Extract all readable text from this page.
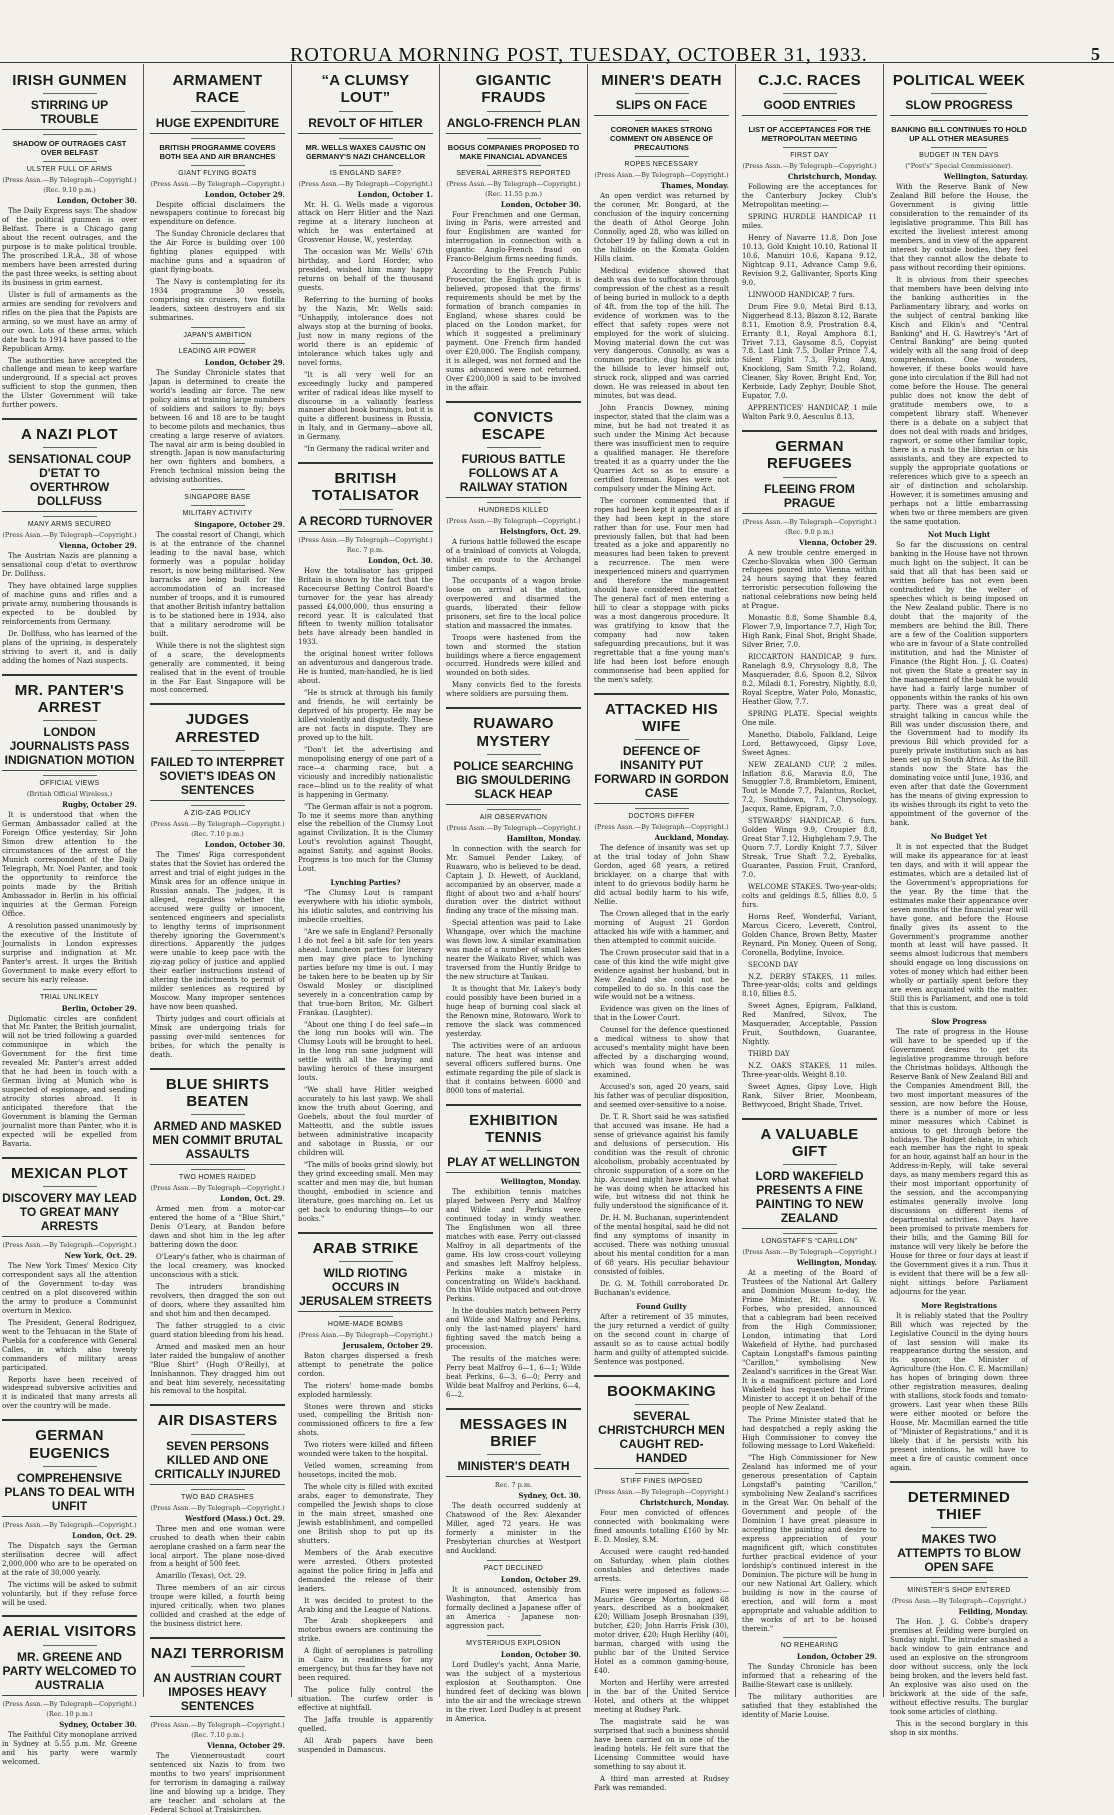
ROTORUA MORNING POST, TUESDAY, OCTOBER 31, 1933.	5
IRISH GUNMEN
STIRRING UP TROUBLE
SHADOW OF OUTRAGES CAST OVER BELFAST
ULSTER FULL OF ARMS
(Press Assn.—By Telegraph—Copyright.)
(Rec. 9.10 p.m.)
London, October 30.

The Daily Express says: The shadow of the political gunmen is over Belfast. There is a Chicago gang about the recent outrages, and the purpose is to make political trouble. The proscribed I.R.A., 38 of whose members have been arrested during the past three weeks, is setting about its business in grim earnest.

Ulster is full of armaments as the armies are sending for revolvers and rifles on the plea that the Papists are arming, so we must have an army of our own. Lots of these arms, which date back to 1914 have passed to the Republican Army.

The authorities have accepted the challenge and mean to keep warfare underground. If a special act proves sufficient to stop the gunmen, then the Ulster Government will take further powers.

A NAZI PLOT
SENSATIONAL COUP D'ETAT TO OVERTHROW DOLLFUSS
MANY ARMS SECURED
(Press Assn.—By Telegraph—Copyright.)
Vienna, October 29.

The Austrian Nazis are planning a sensational coup d'etat to overthrow Dr. Dollfuss.

They have obtained large supplies of machine guns and rifles and a private army, numbering thousands is expected to be doubled by reinforcements from Germany.

Dr. Dollfuss, who has learned of the plans of the uprising, is desperately striving to avert it, and is daily adding the homes of Nazi suspects.

MR. PANTER'S ARREST
LONDON JOURNALISTS PASS INDIGNATION MOTION
OFFICIAL VIEWS
(British Official Wireless.)
Rugby, October 29.

It is understood that when the German Ambassador called at the Foreign Office yesterday, Sir John Simon drew attention to the circumstances of the arrest of the Munich correspondent of the Daily Telegraph, Mr. Noel Panter, and took the opportunity to reinforce the points made by the British Ambassador in Berlin in his official inquiries at the German Foreign Office.

A resolution passed unanimously by the executive of the Institute of Journalists in London expresses surprise and indignation at Mr. Panter's arrest. It urges the British Government to make every effort to secure his early release.

TRIAL UNLIKELY
Berlin, October 29.

Diplomatic circles are confident that Mr. Panter, the British journalist, will not be tried following a guarded communique in which the Government for the first time revealed Mr. Panter's arrest added that he had been in touch with a German living at Munich who is suspected of espionage, and sending atrocity stories abroad. It is anticipated therefore that the Government is blaming the German journalist more than Panter, who it is expected will be expelled from Bavaria.

MEXICAN PLOT
DISCOVERY MAY LEAD TO GREAT MANY ARRESTS
(Press Assn.—By Telegraph—Copyright.)
New York, Oct. 29.

The New York Times' Mexico City correspondent says all the attention of the Government to-day was centred on a plot discovered within the army to produce a Communist overturn in Mexico.

The President, General Rodriguez, went to the Tehuacan in the State of Puebla for a conference with General Calles, in which also twenty commanders of military areas participated.

Reports have been received of widespread subversive activities and it is indicated that many arrests all over the country will be made.

GERMAN EUGENICS
COMPREHENSIVE PLANS TO DEAL WITH UNFIT
(Press Assn.—By Telegraph—Copyright.)
London, Oct. 29.

The Dispatch says the German sterilisation decree will affect 2,000,000 who are to be operated on at the rate of 30,000 yearly.

The victims will be asked to submit voluntarily, but if they refuse force will be used.

AERIAL VISITORS
MR. GREENE AND PARTY WELCOMED TO AUSTRALIA
(Press Assn.—By Telegraph—Copyright.)
(Rec. 10 p.m.)
Sydney, October 30.

The Faithful City monoplane arrived in Sydney at 5.55 p.m. Mr. Greene and his party were warmly welcomed.

ARMAMENT RACE
HUGE EXPENDITURE
BRITISH PROGRAMME COVERS BOTH SEA AND AIR BRANCHES
GIANT FLYING BOATS
(Press Assn.—By Telegraph—Copyright.)
London, October 29.

Despite official disclaimers the newspapers continue to forecast big expenditure on defence.

The Sunday Chronicle declares that the Air Force is building over 100 fighting planes equipped with machine guns and a squadron of giant flying-boats.

The Navy is contemplating for its 1934 programme 30 vessels, comprising six cruisers, two flotilla leaders, sixteen destroyers and six submarines.

JAPAN'S AMBITION
LEADING AIR POWER
London, October 29.

The Sunday Chronicle states that Japan is determined to create the world's leading air force. The new policy aims at training large numbers of soldiers and sailors to fly; boys between 16 and 18 are to be taught to become pilots and mechanics, thus creating a large reserve of aviators. The naval air arm is being doubled in strength. Japan is now manufacturing her own fighters and bombers, a French technical mission being the advising authorities.

SINGAPORE BASE
MILITARY ACTIVITY
Singapore, October 29.

The coastal resort of Changi, which is at the entrance of the channel leading to the naval base, which formerly was a popular holiday resort, is now being militarised. New barracks are being built for the accommodation of an increased number of troops, and it is rumoured that another British infantry battalion is to be stationed here in 1934, also that a military aerodrome will be built.

While there is not the slightest sign of a scare, the developments generally are commented, it being realised that in the event of trouble in the Far East Singapore will be most concerned.

JUDGES ARRESTED
FAILED TO INTERPRET SOVIET'S IDEAS ON SENTENCES
A ZIG-ZAG POLICY
(Press Assn.—By Telegraph—Copyright.)
(Rec. 7.10 p.m.)
London, October 30.

The Times' Riga correspondent states that the Soviet has ordered the arrest and trial of eight judges in the Minsk area for an offence unique in Russian annals. The judges, it is alleged, regardless whether the accused were guilty or innocent, sentenced engineers and specialists to lengthy terms of imprisonment thereby ignoring the Government's directions. Apparently the judges were unable to keep pace with the zig-zag policy of justice and applied their earlier instructions instead of altering the indictments to permit of milder sentences as required by Moscow. Many improper sentences have now been quashed.

Thirty judges and court officials at Minsk are undergoing trials for passing over-mild sentences for bribes, for which the penalty is death.

BLUE SHIRTS BEATEN
ARMED AND MASKED MEN COMMIT BRUTAL ASSAULTS
TWO HOMES RAIDED
(Press Assn.—By Telegraph—Copyright.)
London, Oct. 29.

Armed men from a motor-car entered the home of a "Blue Shirt," Denis O'Leary, at Bandon before dawn and shot him in the leg after battering down the door.

O'Leary's father, who is chairman of the local creamery, was knocked unconscious with a stick.

The intruders brandishing revolvers, then dragged the son out of doors, where they assaulted him and shot him and then decamped.

The father struggled to a civic guard station bleeding from his head.

Armed and masked men an hour later raided the bungalow of another "Blue Shirt" (Hugh O'Reilly), at Innishannon. They dragged him out and beat him severely, necessitating his removal to the hospital.

AIR DISASTERS
SEVEN PERSONS KILLED AND ONE CRITICALLY INJURED
TWO BAD CRASHES
(Press Assn.—By Telegraph—Copyright.)
Westford (Mass.) Oct. 29.

Three men and one woman were crushed to death when their cabin aeroplane crashed on a farm near the local airport. The plane nose-dived from a height of 500 feet.

Amarillo (Texas), Oct. 29.

Three members of an air circus troupe were killed, a fourth being injured critically, when two planes collided and crashed at the edge of the business district here.

NAZI TERRORISM
AN AUSTRIAN COURT IMPOSES HEAVY SENTENCES
(Press Assn.—By Telegraph—Copyright.)
(Rec. 7.10 p.m.)
Vienna, October 29.

The Vienneroustadt court sentenced six Nazis to from two months to two years' imprisonment for terrorism in damaging a railway line and blowing up a bridge. They are teacher and scholars at the Federal School at Traiskirchen.

“A CLUMSY LOUT”
REVOLT OF HITLER
MR. WELLS WAXES CAUSTIC ON GERMANY'S NAZI CHANCELLOR
IS ENGLAND SAFE?
(Press Assn.—By Telegraph—Copyright.)
London, October 1.

Mr. H. G. Wells made a vigorous attack on Herr Hitler and the Nazi regime at a literary luncheon at which he was entertained at Grosvenor House, W., yesterday.

The occasion was Mr. Wells' 67th birthday, and Lord Horder, who presided, wished him many happy returns on behalf of the thousand guests.

Referring to the burning of books by the Nazis, Mr. Wells said: "Unhappily, intolerance does not always stop at the burning of books. Just now in many regions of the world there is an epidemic of intolerance which takes ugly and novel forms.

"It is all very well for an exceedingly lucky and pampered writer of radical ideas like myself to discourse in a valiantly fearless manner about book burnings, but it is quite a different business in Russia, in Italy, and in Germany—above all, in Germany.

"In Germany the radical writer and

BRITISH TOTALISATOR
A RECORD TURNOVER
(Press Assn.—By Telegraph—Copyright.)
Rec. 7 p.m.
London, Oct. 30.

How the totalisator has gripped Britain is shown by the fact that the Racecourse Betting Control Board's turnover for the year has already passed £4,000,000, thus ensuring a record year. It is calculated that fifteen to twenty million totalisator bets have already been handled in 1933.

the original honest writer follows an adventurous and dangerous trade. He is hunted, man-handled, he is lied about.

"He is struck at through his family and friends, he will certainly be deprived of his property. He may be killed violently and disgustedly. These are not facts in dispute. They are proved up to the hilt.

"Don't let the advertising and monopolising energy of one part of a race—a charming race, but a viciously and incredibly nationalistic race—blind us to the reality of what is happening in Germany.

"The German affair is not a pogrom. To me it seems more than anything else the rebellion of the Clumsy Lout against Civilization. It is the Clumsy Lout's revolution against Thought, against Sanity, and against Books. Progress is too much for the Clumsy Lout.

Lynching Parties?

"The Clumsy Lout is rampant everywhere with his idiotic symbols, his idiotic salutes, and contriving his imbecile cruelties.

"Are we safe in England? Personally I do not feel a bit safe for ten years ahead. Luncheon parties for literary men may give place to lynching parties before my time is out. I may be taken here to be beaten up by Sir Oswald Mosley or disciplined severely in a concentration camp by that true-born Briton, Mr. Gilbert Frankau. (Laughter).

"About one thing I do feel safe—in the long run books will win. The Clumsy Louts will be brought to heel. In the long run sane judgment will settle with all the braying and bawling heroics of these insurgent louts.

"We shall have Hitler weighed accurately to his last yawp. We shall know the truth about Goering, and Goebels, about the foul murder of Matteotti, and the subtle issues between administrative incapacity and sabotage in Russia, or our children will.

"The mills of books grind slowly, but they grind exceeding small. Men may scatter and men may die, but human thought, embodied in science and literature, goes marching on. Let us get back to enduring things—to our books."

ARAB STRIKE
WILD RIOTING OCCURS IN JERUSALEM STREETS
HOME-MADE BOMBS
(Press Assn.—By Telegraph—Copyright.)
Jerusalem, October 29.

Baton charges dispersed a fresh attempt to penetrate the police cordon.

The rioters' home-made bombs exploded harmlessly.

Stones were thrown and sticks used, compelling the British non-commissioned officers to fire a few shots.

Two rioters were killed and fifteen wounded were taken to the hospital.

Veiled women, screaming from housetops, incited the mob.

The whole city is filled with excited arabs, eager to demonstrate. They compelled the Jewish shops to close in the main street, smashed one Jewish establishment, and compelled one British shop to put up its shutters.

Members of the Arab executive were arrested. Others protested against the police firing in Jaffa and demanded the release of their leaders.

It was decided to protest to the Arab king and the League of Nations.

The Arab shopkeepers and motorbus owners are continuing the strike.

A flight of aeroplanes is patrolling in Cairo in readiness for any emergency, but thus far they have not been required.

The police fully control the situation. The curfew order is effective at nightfall.

The Jaffa trouble is apparently quelled.

All Arab papers have been suspended in Damascus.

GIGANTIC FRAUDS
ANGLO-FRENCH PLAN
BOGUS COMPANIES PROPOSED TO MAKE FINANCIAL ADVANCES
SEVERAL ARRESTS REPORTED
(Press Assn.—By Telegraph—Copyright.)
(Rec. 11.55 p.m.)
London, October 30.

Four Frenchmen and one German, living in Paris, were arrested and four Englishmen are wanted for interrogation in connection with a gigantic Anglo-French fraud on Franco-Belgium firms needing funds.

According to the French Public Prosecutor, the English group, it is believed, proposed that the firms' requirements should be met by the formation of branch companies in England, whose shares could be placed on the London market, for which it suggested a preliminary payment. One French firm handed over £20,000. The English company, it is alleged, was not formed and the sums advanced were not returned. Over £200,000 is said to be involved in the affair.

CONVICTS ESCAPE
FURIOUS BATTLE FOLLOWS AT A RAILWAY STATION
HUNDREDS KILLED
(Press Assn.—By Telegraph—Copyright.)
Helsingfors, Oct. 29.

A furious battle followed the escape of a trainload of convicts at Vologda, whilst en route to the Archangel timber camps.

The occupants of a wagon broke loose on arrival at the station, overpowered and disarmed the guards, liberated their fellow prisoners, set fire to the local police station and massacred the inmates.

Troops were hastened from the town and stormed the station buildings where a fierce engagement occurred. Hundreds were killed and wounded on both sides.

Many convicts fled to the forests where soldiers are pursuing them.

RUAWARO MYSTERY
POLICE SEARCHING BIG SMOULDERING SLACK HEAP
AIR OBSERVATION
(Press Assn.—By Telegraph—Copyright.)
Hamilton, Monday.

In connection with the search for Mr. Samuel Pender Lakey, of Ruawaro, who is believed to be dead, Captain J. D. Hewett, of Auckland, accompanied by an observer, made a flight of about two and a-half hours' duration over the district without finding any trace of the missing man.

Special attention was paid to Lake Whangape, over which the machine was flown low. A similar examination was made of a number of small lakes nearer the Waikato River, which was traversed from the Huntly Bridge to the new structure at Taukau.

It is thought that Mr. Lakey's body could possibly have been buried in a huge heap of burning coal slack at the Renown mine, Rotowaro. Work to remove the slack was commenced yesterday.

The activities were of an arduous nature. The heat was intense and several officers suffered burns. One estimate regarding the pile of slack is that it contains between 6000 and 8000 tons of material.

EXHIBITION TENNIS
PLAY AT WELLINGTON
Wellington, Monday.

The exhibition tennis matches played between Perry and Malfroy and Wilde and Perkins were continued today in windy weather. The Englishmen won all three matches with ease. Perry out-classed Malfroy in all departments of the game. His low cross-court volleying and smashes left Malfroy helpless. Perkins make a mistake in concentrating on Wilde's backhand. On this Wilde outpaced and out-drove Perkins.

In the doubles match between Perry and Wilde and Malfroy and Perkins, only the last-named players' hard fighting saved the match being a procession.

The results of the matches were: Perry beat Malfroy 6—1, 6—1; Wilde beat Perkins, 6—3, 6—0; Perry and Wilde beat Malfroy and Perkins, 6—4, 6—2.

MESSAGES IN BRIEF
MINISTER'S DEATH
Rec. 7 p.m.
Sydney, Oct. 30.

The death occurred suddenly at Chatswood of the Rev. Alexander Miller, aged 72 years. He was formerly a minister in the Presbyterian churches at Westport and Auckland.

PACT DECLINED
London, October 29.

It is announced, ostensibly from Washington, that America has formally declined a Japanese offer of an America - Japanese non-aggression pact.

MYSTERIOUS EXPLOSION
London, October 30.

Lord Dudley's yacht, Anna Marie, was the subject of a mysterious explosion at Southampton. One hundred feet of decking was blown into the air and the wreckage strewn in the river. Lord Dudley is at present in America.

MINER'S DEATH
SLIPS ON FACE
CORONER MAKES STRONG COMMENT ON ABSENCE OF PRECAUTIONS
ROPES NECESSARY
(Press Assn.—By Telegraph—Copyright.)
Thames, Monday.

An open verdict was returned by the coroner, Mr. Bongard, at the conclusion of the inquiry concerning the death of Athol George John Connolly, aged 28, who was killed on October 19 by falling down a cut in the hillside on the Komata Golden Hills claim.

Medical evidence showed that death was due to suffocation through compression of the chest as a result of being buried in mullock to a depth of 4ft. from the top of the hill. The evidence of workmen was to the effect that safety ropes were not employed for the work of sluicing. Moving material down the cut was very dangerous. Connolly, as was a common practice, dug his pick into the hillside to lever himself out, struck rock, slipped and was carried down. He was released in about ten minutes, but was dead.

John Francis Downey, mining inspector, stated that the claim was a mine, but he had not treated it as such under the Mining Act because there was insufficient men to require a qualified manager. He therefore treated it as a quarry under the the Quarries Act so as to ensure a certified foreman. Ropes were not compulsory under the Mining Act.

The coroner commented that if ropes had been kept it appeared as if they had been kept in the store rather than for use. Four men had previously fallen, but that had been treated as a joke and apparently no measures had been taken to prevent a recurrence. The men were inexperienced miners and quarrymen and therefore the management should have considered the matter. The general fact of men entering a hill to clear a stoppage with picks was a most dangerous procedure. It was gratifying to know that the company had now taken safeguarding precautions, but it was regrettable that a fine young man's life had been lost before enough commonsense had been applied for the men's safety.

ATTACKED HIS WIFE
DEFENCE OF INSANITY PUT FORWARD IN GORDON CASE
DOCTORS DIFFER
(Press Assn.—By Telegraph—Copyright.)
Auckland, Monday.

The defence of insanity was set up at the trial today of John Shaw Gordon, aged 68 years, a retired bricklayer, on a charge that with intent to do grievous bodily harm he did actual bodily harm to his wife, Nellie.

The Crown alleged that in the early morning of August 21 Gordon attacked his wife with a hammer, and then attempted to commit suicide.

The Crown prosecutor said that in a case of this kind the wife might give evidence against her husband, but in New Zealand she could not be compelled to do so. In this case the wife would not be a witness.

Evidence was given on the lines of that in the Lower Court.

Counsel for the defence questioned a medical witness to show that accused's mentality might have been affected by a discharging wound, which was found when he was examined.

Accused's son, aged 20 years, said his father was of peculiar disposition, and seemed over-sensitive to a noise.

Dr. T. R. Short said he was satisfied that accused was insane. He had a sense of grievance against his family and delusions of persecution. His condition was the result of chronic alcoholism, probably accentuated by chronic suppuration of a sore on the hip. Accused might have known what he was doing when he attacked his wife, but witness did not think he fully understood the significance of it.

Dr. H. M. Buchanan, superintendent of the mental hospital, said he did not find any symptoms of insanity in accused. There was nothing unusual about his mental condition for a man of 68 years. His peculiar behaviour consisted of foibles.

Dr. G. M. Tothill corroborated Dr. Buchanan's evidence.

Found Guilty

After a retirement of 35 minutes, the jury returned a verdict of guilty on the second count in charge of assault so as to cause actual bodily harm and guilty of attempted suicide. Sentence was postponed.

BOOKMAKING
SEVERAL CHRISTCHURCH MEN CAUGHT RED-HANDED
STIFF FINES IMPOSED
(Press Assn.—By Telegraph—Copyright.)
Christchurch, Monday.

Four men convicted of offences connected with bookmaking were fined amounts totalling £160 by Mr. E. D. Mosley, S.M.

Accused were caught red-handed on Saturday, when plain clothes constables and detectives made arrests.

Fines were imposed as follows:—Maurice George Morton, aged 68 years, described as a bookmaker, £20; William Joseph Brosnahan (39), butcher, £20; John Harris Frisk (30), motor driver, £20; Hugh Herlihy (40), barman, charged with using the public bar of the United Service Hotel as a common gaming-house, £40.

Morton and Herlihy were arrested in the bar of the United Service Hotel, and others at the whippet meeting at Rudsey Park.

The magistrate said he was surprised that such a business should have been carried on in one of the leading hotels. He felt sure that the Licensing Committee would have something to say about it.

A third man arrested at Rudsey Park was remanded.

C.J.C. RACES
GOOD ENTRIES
LIST OF ACCEPTANCES FOR THE METROPOLITAN MEETING
FIRST DAY
(Press Assn.—By Telegraph—Copyright.)
Christchurch, Monday.

Following are the acceptances for the Canterbury Jockey Club's Metropolitan meeting:—

SPRING HURDLE HANDICAP 11 miles.

Henry of Navarre 11.8, Don Jose 10.13, Gold Knight 10.10, Rational II 10.6, Manuiri 10.6, Kapana 9.12, Nightcap 9.11, Advance Camp 9.6, Revision 9.2, Gallivanter, Sports King 9.0.

LINWOOD HANDICAP, 7 furs.

Drum Fire 9.0, Metal Bird 8.13, Niggerhead 8.13, Blazon 8.12, Barate 8.11, Emotion 8.9, Prostration 8.4, Erranty 8.1, Royal Amphora 8.1, Trivet 7.13, Gaysome 8.5, Copyist 7.8, Last Link 7.5, Dollar Prince 7.4, Silent Flight 7.3, Flying Amy, Knocklong, Sam Smith 7.2, Roland, Cleaner, Sky Rover, Bright End, Yor, Kerbside, Lady Zephyr, Double Shot, Eupator, 7.0.

APPRENTICES' HANDICAP, 1 mile Walton Park 9.0, Aesculus 8.13,

GERMAN REFUGEES
FLEEING FROM PRAGUE
(Press Assn.—By Telegraph—Copyright.)
(Rec. 9.0 p.m.)
Vienna, October 29.

A new trouble centre emerged in Czecho-Slovakia when 300 German refugees poured into Vienna within 24 hours saying that they feared terroristic persecution following the national celebrations now being held at Prague.

Monastic 8.8, Some Shamble 8.4, Flower 7.9, Importance 7.7, High Tor, High Rank, Final Shot, Bright Shade, Silver Brier, 7.0.

RICCARTON HANDICAP, 9 furs. Ranelagh 8.9, Chrysology 8.8, The Masquerader, 8.6, Spoon 8.2, Silvox 8.2, Miladi 8.1, Forestry, Nightly, 8.0, Royal Sceptre, Water Polo, Monastic, Heather Glow, 7.7.

SPRING PLATE. Special weights One mile.

Manetho, Diabolo, Falkland, Leige Lord, Bettawycoed, Gipsy Love, Sweet Agnes.

NEW ZEALAND CUP, 2 miles. Inflation 8.6, Maravia 8.0, The Smuggler 7.8, Brambletorn, Eminent, Tout le Monde 7.7, Palantus, Rocket, 7.2, Southdown, 7.1, Chrysology, Jacqux, Rame, Epigram, 7.0.

STEWARDS' HANDICAP, 6 furs. Golden Wings 9.9, Croupier 8.8, Great Star 7.12, Highgleham 7.9, The Quorn 7.7, Lordly Knight 7.7, Silver Streak, True Shaft 7.2, Eyebalks, Guarantee, Passion Fruit, Cranford, 7.0.

WELCOME STAKES. Two-year-olds; colts and geldings 8.5, fillies 8.0, 5 furs.

Horns Reef, Wonderful, Variant, Marcus Cicero, Leverett, Control, Golden Chance, Brown Betty, Master Reynard, Pin Money, Queen of Song, Coronella, Bodyline, Invoice.

SECOND DAY

N.Z. DERBY STAKES, 11 miles. Three-year-olds; colts and geldings 8.10, fillies 8.5.

Sweet Agnes, Epigram, Falkland, Red Manfred, Silvox, The Masquerader, Acceptable, Passion Fruit, Southdown, Guarantee, Nightly.

THIRD DAY

N.Z. OAKS STAKES, 11 miles. Three-year-olds. Weight 8.10.

Sweet Agnes, Gipsy Love, High Rank, Silver Brier, Moonbeam, Bettwycoed, Bright Shade, Trivet.

A VALUABLE GIFT
LORD WAKEFIELD PRESENTS A FINE PAINTING TO NEW ZEALAND
LONGSTAFF'S “CARILLON”
(Press Assn.—By Telegraph—Copyright.)
Wellington, Monday.

At a meeting of the Board of Trustees of the National Art Gallery and Dominion Museum to-day, the Prime Minister, Rt. Hon. G. W. Forbes, who presided, announced that a cablegram had been received from the High Commissioner, London, intimating that Lord Wakefield of Hythe, had purchased Captain Longstaff's famous painting "Carillon," symbolising New Zealand's sacrifices in the Great War. It is a magnificent picture and Lord Wakefield has requested the Prime Minister to accept it on behalf of the people of New Zealand.

The Prime Minister stated that he had despatched a reply asking the High Commissioner to convey the following message to Lord Wakefield:

"The High Commissioner for New Zealand has informed me of your generous presentation of Captain Longstaff's painting "Carillon," symbolising New Zealand's sacrifices in the Great War. On behalf of the Government and people of the Dominion I have great pleasure in accepting the painting and desire to express appreciation of your magnificent gift, which constitutes further practical evidence of your lordship's continued interest in the Dominion. The picture will be hung in our new National Art Gallery, which building is now in the course of erection, and will form a most appropriate and valuable addition to the works of art to be housed therein."

NO REHEARING
London, October 29.

The Sunday Chronicle has been informed that a rehearing of the Baillie-Stewart case is unlikely.

The military authorities are satisfied that they established the identity of Marie Louise.

POLITICAL WEEK
SLOW PROGRESS
BANKING BILL CONTINUES TO HOLD UP ALL OTHER MEASURES
BUDGET IN TEN DAYS
("Post's" Special Commissioner).
Wellington, Saturday.

With the Reserve Bank of New Zealand Bill before the House, the Government is giving little consideration to the remainder of its legislative programme. This Bill has excited the liveliest interest among members, and in view of the apparent interest by outside bodies, they feel that they cannot allow the debate to pass without recording their opinions.

It is obvious from their speeches that members have been delving into the banking authorities in the Parliamentary library, and works on the subject of central banking like Kisch and Elkin's and "Central Banking" and H. G. Hawtrey's "Art of Central Banking" are being quoted widely with all the sang froid of deep comprehension. One wonders, however, if these books would have gone into circulation if the Bill had not come before the House. The general public does not know the debt of gratitude members owe, to a competent library staff. Whenever there is a debate on a subject that does not deal with roads and bridges, ragwort, or some other familiar topic, there is a rush to the librarian or his assistants, and they are expected to supply the appropriate quotations or references which give to a speech an air of distinction and scholarship. However, it is sometimes amusing and perhaps not a little embarrassing when two or three members are given the same quotation.

Not Much Light

So far the discussions on central banking in the House have not thrown much light on the subject. It can be said that all that has been said or written before has not even been contradicted by the welter of speeches which is being imposed on the New Zealand public. There is no doubt that the majority of the members are behind the Bill. There are a few of the Coalition supporters who are in favour of a State controlled institution, and had the Minister of Finance (the Right Hon. J. G. Coates) not given the State a greater say in the management of the bank he would have had a fairly large number of opponents within the ranks of his own party. There was a great deal of straight talking in caucus while the Bill was under discussion there, and the Government had to modify its previous Bill which provided for a purely private institution such as has been set up in South Africa. As the Bill stands now the State has the dominating voice until June, 1936, and even after that date the Government has the means of giving expression to its wishes through its right to veto the appointment of the governor of the bank.

No Budget Yet

It is not expected that the Budget will make its appearance for at least ten days, and with it will appear the estimates, which are a detailed list of the Government's appropriations for the year. By the time that the estimates make their appearance over seven months of the financial year will have gone, and before the House finally gives its assent to the Government's programme another month at least will have passed. It seems almost ludicrous that members should engage on long discussions on votes of money which had either been wholly or partially spent before they are even acquainted with the matter. Still this is Parliament, and one is told that this is custom.

Slow Progress

The rate of progress in the House will have to be speeded up if the Government desires to get its legislative programme through before the Christmas holidays. Although the Reserve Bank of New Zealand Bill and the Companies Amendment Bill, the two most important measures of the session, are now before the House, there is a number of more or less minor measures which Cabinet is anxious to get through before the holidays. The Budget debate, in which each member has the right to speak for an hour, against half an hour in the Address-in-Reply, will take several days, as many members regard this as their most important opportunity of the session, and the accompanying estimates generally involve long discussions on different items of departmental activities. Days have been promised to private members for their bills, and the Gaming Bill for instance will very likely be before the House for three or four days at least if the Government gives it a run. Thus it is evident that there will be a few all-night sittings before Parliament adjourns for the year.

More Registrations

It is reliably stated that the Poultry Bill which was rejected by the Legislative Council in the dying hours of last session will make its reappearance during the session, and its sponsor, the Minister of Agriculture (the Hon. C. E. Macmillan) has hopes of bringing down three other registration measures, dealing with stallions, stock foods and tomato-growers. Last year when these Bills were either mooted or before the House, Mr. Macmillan earned the title of "Minister of Registrations," and it is likely that if he persists with his present intentions, he will have to meet a fire of caustic comment once again.

DETERMINED THIEF
MAKES TWO ATTEMPTS TO BLOW OPEN SAFE
MINISTER'S SHOP ENTERED
(Press Assn.—By Telegraph—Copyright.)
Feilding, Monday.

The Hon. J. G. Cobbe's drapery premises at Feilding were burgled on Sunday night. The intruder smashed a back window to gain entrance and used an explosive on the strongroom door without success, only the lock being broken, and the levers held fast. An explosive was also used on the brickwork at the side of the safe, without effective results. The burglar took some articles of clothing.

This is the second burglary in this shop in six months.
